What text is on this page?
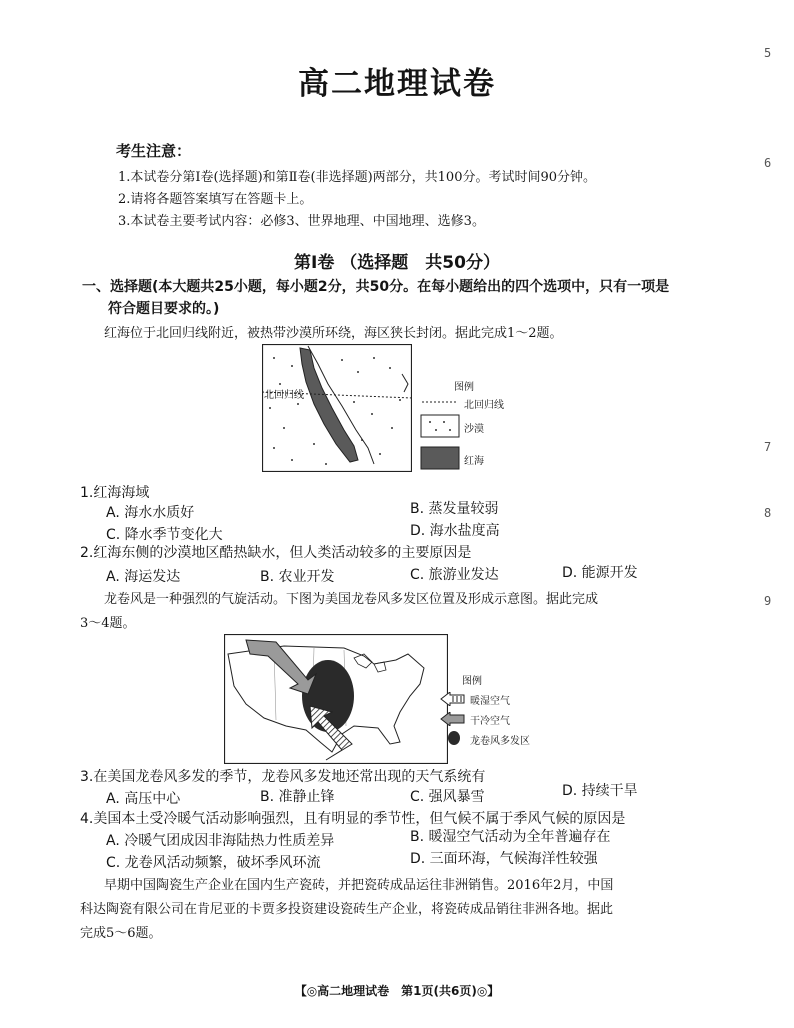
高二地理试卷
考生注意：
1.本试卷分第Ⅰ卷(选择题)和第Ⅱ卷(非选择题)两部分，共100分。考试时间90分钟。
2.请将各题答案填写在答题卡上。
3.本试卷主要考试内容：必修3、世界地理、中国地理、选修3。
第Ⅰ卷 （选择题　共50分）
一、选择题(本大题共25小题，每小题2分，共50分。在每小题给出的四个选项中，只有一项是
符合题目要求的。)
红海位于北回归线附近，被热带沙漠所环绕，海区狭长封闭。据此完成1～2题。
北回归线
图例
北回归线
沙漠
红海
1.红海海域
A. 海水水质好	B. 蒸发量较弱
C. 降水季节变化大	D. 海水盐度高
2.红海东侧的沙漠地区酷热缺水，但人类活动较多的主要原因是
A. 海运发达	B. 农业开发	C. 旅游业发达	D. 能源开发
龙卷风是一种强烈的气旋活动。下图为美国龙卷风多发区位置及形成示意图。据此完成
3～4题。
图例
暖湿空气
干冷空气
龙卷风多发区
3.在美国龙卷风多发的季节，龙卷风多发地还常出现的天气系统有
A. 高压中心	B. 准静止锋	C. 强风暴雪	D. 持续干旱
4.美国本土受冷暖气活动影响强烈，且有明显的季节性，但气候不属于季风气候的原因是
A. 冷暖气团成因非海陆热力性质差异	B. 暖湿空气活动为全年普遍存在
C. 龙卷风活动频繁，破坏季风环流	D. 三面环海，气候海洋性较强
早期中国陶瓷生产企业在国内生产瓷砖，并把瓷砖成品运往非洲销售。2016年2月，中国
科达陶瓷有限公司在肯尼亚的卡贾多投资建设瓷砖生产企业，将瓷砖成品销往非洲各地。据此
完成5～6题。
【◎高二地理试卷　第1页(共6页)◎】
5
6
7
8
9
